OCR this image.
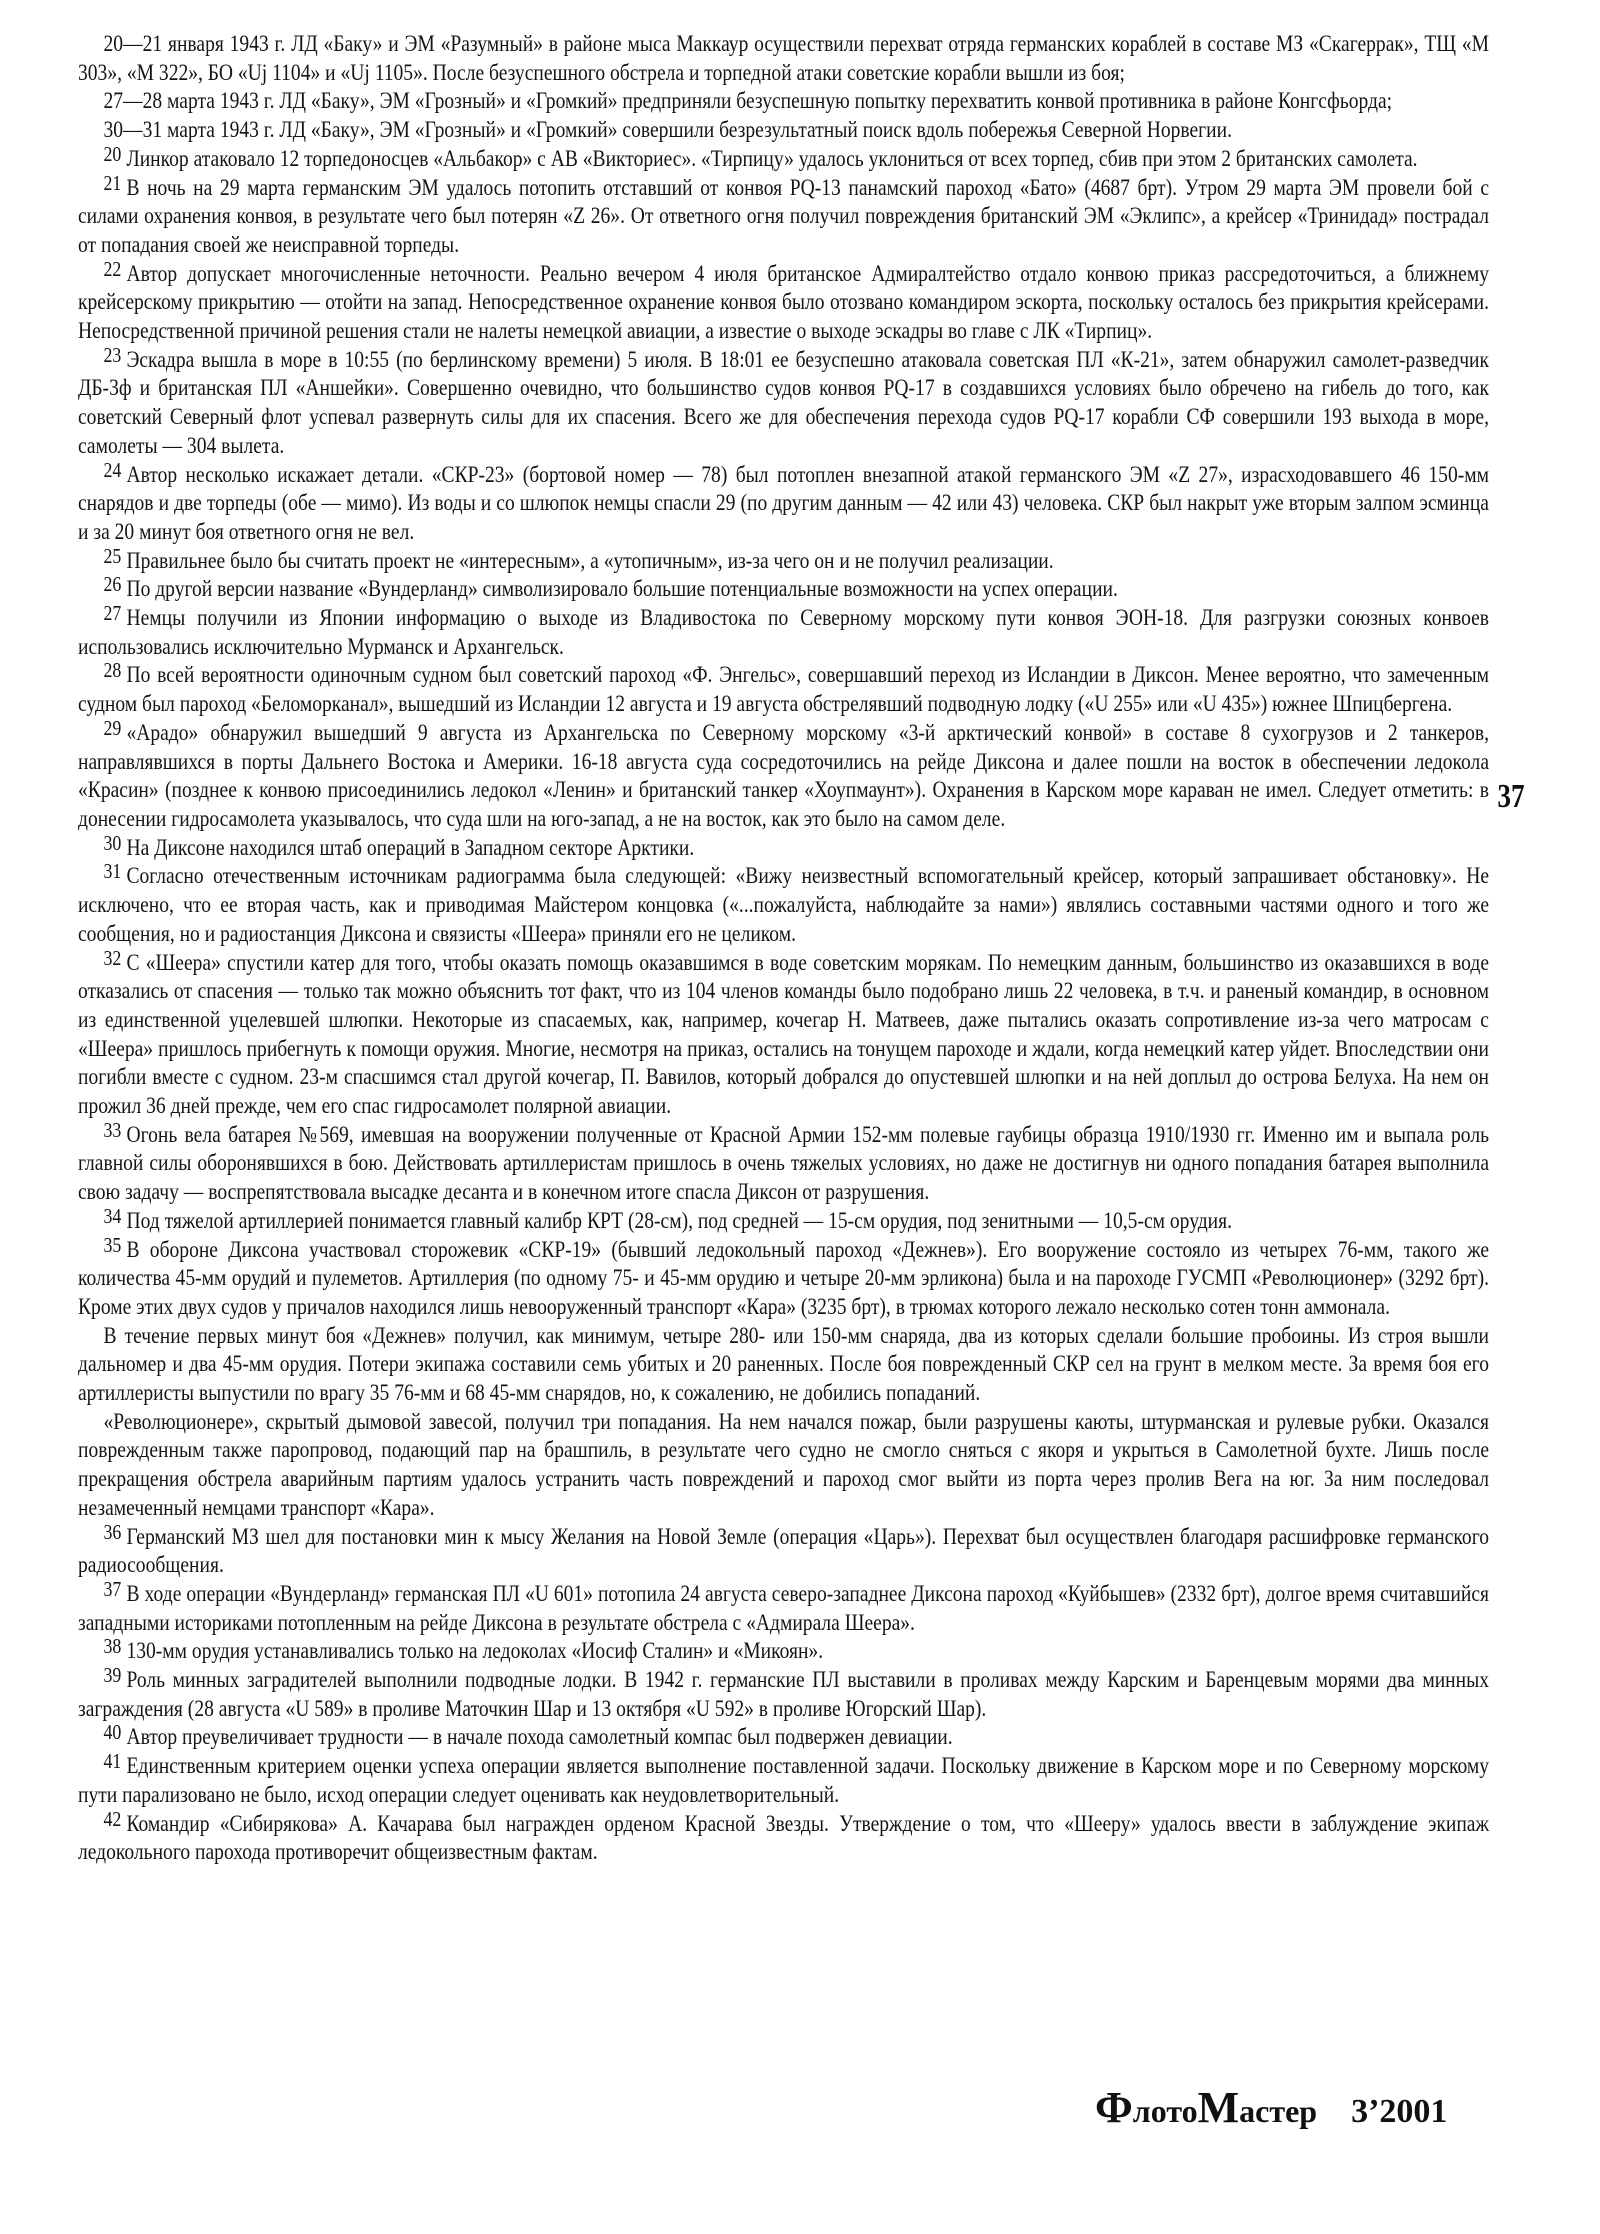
20—21 января 1943 г. ЛД «Баку» и ЭМ «Разумный» в районе мыса Маккаур осуществили перехват отряда германских кораблей в составе МЗ «Скагеррак», ТЩ «М 303», «М 322», БО «Uj 1104» и «Uj 1105». После безуспешного обстрела и торпедной атаки советские корабли вышли из боя;

27—28 марта 1943 г. ЛД «Баку», ЭМ «Грозный» и «Громкий» предприняли безуспешную попытку перехватить конвой противника в районе Конгсфьорда;

30—31 марта 1943 г. ЛД «Баку», ЭМ «Грозный» и «Громкий» совершили безрезультатный поиск вдоль побережья Северной Норвегии.

20 Линкор атаковало 12 торпедоносцев «Альбакор» с АВ «Викториес». «Тирпицу» удалось уклониться от всех торпед, сбив при этом 2 британских самолета.

21 В ночь на 29 марта германским ЭМ удалось потопить отставший от конвоя PQ-13 панамский пароход «Бато» (4687 брт). Утром 29 марта ЭМ провели бой с силами охранения конвоя, в результате чего был потерян «Z 26». От ответного огня получил повреждения британский ЭМ «Эклипс», а крейсер «Тринидад» пострадал от попадания своей же неисправной торпеды.

22 Автор допускает многочисленные неточности. Реально вечером 4 июля британское Адмиралтейство отдало конвою приказ рассредоточиться, а ближнему крейсерскому прикрытию — отойти на запад. Непосредственное охранение конвоя было отозвано командиром эскорта, поскольку осталось без прикрытия крейсерами. Непосредственной причиной решения стали не налеты немецкой авиации, а известие о выходе эскадры во главе с ЛК «Тирпиц».

23 Эскадра вышла в море в 10:55 (по берлинскому времени) 5 июля. В 18:01 ее безуспешно атаковала советская ПЛ «К-21», затем обнаружил самолет-разведчик ДБ-3ф и британская ПЛ «Аншейки». Совершенно очевидно, что большинство судов конвоя PQ-17 в создавшихся условиях было обречено на гибель до того, как советский Северный флот успевал развернуть силы для их спасения. Всего же для обеспечения перехода судов PQ-17 корабли СФ совершили 193 выхода в море, самолеты — 304 вылета.

24 Автор несколько искажает детали. «СКР-23» (бортовой номер — 78) был потоплен внезапной атакой германского ЭМ «Z 27», израсходовавшего 46 150-мм снарядов и две торпеды (обе — мимо). Из воды и со шлюпок немцы спасли 29 (по другим данным — 42 или 43) человека. СКР был накрыт уже вторым залпом эсминца и за 20 минут боя ответного огня не вел.

25 Правильнее было бы считать проект не «интересным», а «утопичным», из-за чего он и не получил реализации.

26 По другой версии название «Вундерланд» символизировало большие потенциальные возможности на успех операции.

27 Немцы получили из Японии информацию о выходе из Владивостока по Северному морскому пути конвоя ЭОН-18. Для разгрузки союзных конвоев использовались исключительно Мурманск и Архангельск.

28 По всей вероятности одиночным судном был советский пароход «Ф. Энгельс», совершавший переход из Исландии в Диксон. Менее вероятно, что замеченным судном был пароход «Беломорканал», вышедший из Исландии 12 августа и 19 августа обстрелявший подводную лодку («U 255» или «U 435») южнее Шпицбергена.

29 «Арадо» обнаружил вышедший 9 августа из Архангельска по Северному морскому «3-й арктический конвой» в составе 8 сухогрузов и 2 танкеров, направлявшихся в порты Дальнего Востока и Америки. 16-18 августа суда сосредоточились на рейде Диксона и далее пошли на восток в обеспечении ледокола «Красин» (позднее к конвою присоединились ледокол «Ленин» и британский танкер «Хоупмаунт»). Охранения в Карском море караван не имел. Следует отметить: в донесении гидросамолета указывалось, что суда шли на юго-запад, а не на восток, как это было на самом деле.

30 На Диксоне находился штаб операций в Западном секторе Арктики.

31 Согласно отечественным источникам радиограмма была следующей: «Вижу неизвестный вспомогательный крейсер, который запрашивает обстановку». Не исключено, что ее вторая часть, как и приводимая Майстером концовка («...пожалуйста, наблюдайте за нами») являлись составными частями одного и того же сообщения, но и радиостанция Диксона и связисты «Шеера» приняли его не целиком.

32 С «Шеера» спустили катер для того, чтобы оказать помощь оказавшимся в воде советским морякам. По немецким данным, большинство из оказавшихся в воде отказались от спасения — только так можно объяснить тот факт, что из 104 членов команды было подобрано лишь 22 человека, в т.ч. и раненый командир, в основном из единственной уцелевшей шлюпки. Некоторые из спасаемых, как, например, кочегар Н. Матвеев, даже пытались оказать сопротивление из-за чего матросам с «Шеера» пришлось прибегнуть к помощи оружия. Многие, несмотря на приказ, остались на тонущем пароходе и ждали, когда немецкий катер уйдет. Впоследствии они погибли вместе с судном. 23-м спасшимся стал другой кочегар, П. Вавилов, который добрался до опустевшей шлюпки и на ней доплыл до острова Белуха. На нем он прожил 36 дней прежде, чем его спас гидросамолет полярной авиации.

33 Огонь вела батарея №569, имевшая на вооружении полученные от Красной Армии 152-мм полевые гаубицы образца 1910/1930 гг. Именно им и выпала роль главной силы оборонявшихся в бою. Действовать артиллеристам пришлось в очень тяжелых условиях, но даже не достигнув ни одного попадания батарея выполнила свою задачу — воспрепятствовала высадке десанта и в конечном итоге спасла Диксон от разрушения.

34 Под тяжелой артиллерией понимается главный калибр КРТ (28-см), под средней — 15-см орудия, под зенитными — 10,5-см орудия.

35 В обороне Диксона участвовал сторожевик «СКР-19» (бывший ледокольный пароход «Дежнев»). Его вооружение состояло из четырех 76-мм, такого же количества 45-мм орудий и пулеметов. Артиллерия (по одному 75- и 45-мм орудию и четыре 20-мм эрликона) была и на пароходе ГУСМП «Революционер» (3292 брт). Кроме этих двух судов у причалов находился лишь невооруженный транспорт «Кара» (3235 брт), в трюмах которого лежало несколько сотен тонн аммонала.

В течение первых минут боя «Дежнев» получил, как минимум, четыре 280- или 150-мм снаряда, два из которых сделали большие пробоины. Из строя вышли дальномер и два 45-мм орудия. Потери экипажа составили семь убитых и 20 раненных. После боя поврежденный СКР сел на грунт в мелком месте. За время боя его артиллеристы выпустили по врагу 35 76-мм и 68 45-мм снарядов, но, к сожалению, не добились попаданий.

«Революционере», скрытый дымовой завесой, получил три попадания. На нем начался пожар, были разрушены каюты, штурманская и рулевые рубки. Оказался поврежденным также паропровод, подающий пар на брашпиль, в результате чего судно не смогло сняться с якоря и укрыться в Самолетной бухте. Лишь после прекращения обстрела аварийным партиям удалось устранить часть повреждений и пароход смог выйти из порта через пролив Вега на юг. За ним последовал незамеченный немцами транспорт «Кара».

36 Германский МЗ шел для постановки мин к мысу Желания на Новой Земле (операция «Царь»). Перехват был осуществлен благодаря расшифровке германского радиосообщения.

37 В ходе операции «Вундерланд» германская ПЛ «U 601» потопила 24 августа северо-западнее Диксона пароход «Куйбышев» (2332 брт), долгое время считавшийся западными историками потопленным на рейде Диксона в результате обстрела с «Адмирала Шеера».

38 130-мм орудия устанавливались только на ледоколах «Иосиф Сталин» и «Микоян».

39 Роль минных заградителей выполнили подводные лодки. В 1942 г. германские ПЛ выставили в проливах между Карским и Баренцевым морями два минных заграждения (28 августа «U 589» в проливе Маточкин Шар и 13 октября «U 592» в проливе Югорский Шар).

40 Автор преувеличивает трудности — в начале похода самолетный компас был подвержен девиации.

41 Единственным критерием оценки успеха операции является выполнение поставленной задачи. Поскольку движение в Карском море и по Северному морскому пути парализовано не было, исход операции следует оценивать как неудовлетворительный.

42 Командир «Сибирякова» А. Качарава был награжден орденом Красной Звезды. Утверждение о том, что «Шееру» удалось ввести в заблуждение экипаж ледокольного парохода противоречит общеизвестным фактам.

37
ФлотоМастер 3’2001
